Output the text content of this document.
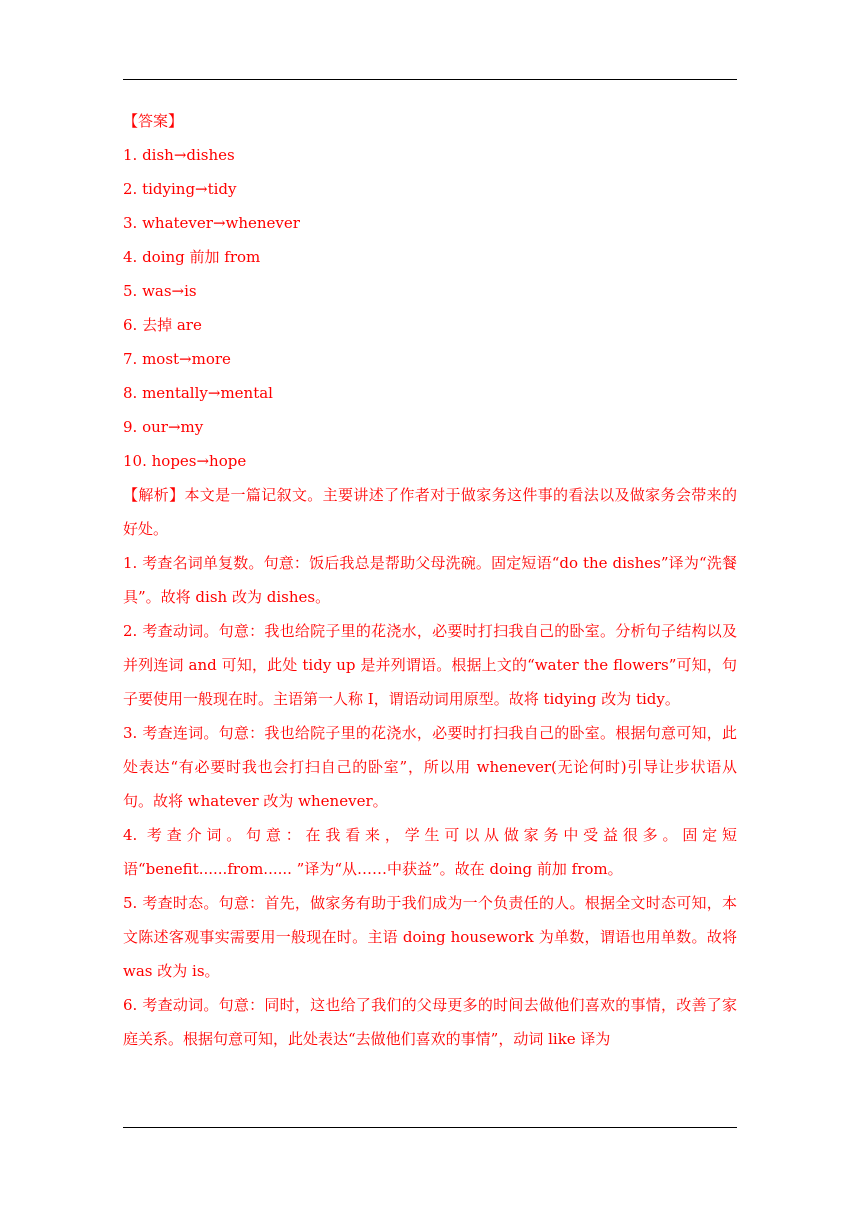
【答案】
1. dish→dishes
2. tidying→tidy
3. whatever→whenever
4. doing 前加 from
5. was→is
6. 去掉 are
7. most→more
8. mentally→mental
9. our→my
10. hopes→hope
【解析】本文是一篇记叙文。主要讲述了作者对于做家务这件事的看法以及做家务会带来的好处。
1. 考查名词单复数。句意：饭后我总是帮助父母洗碗。固定短语“do the dishes”译为“洗餐具”。故将 dish 改为 dishes。
2. 考查动词。句意：我也给院子里的花浇水，必要时打扫我自己的卧室。分析句子结构以及并列连词 and 可知，此处 tidy up 是并列谓语。根据上文的“water the flowers”可知，句子要使用一般现在时。主语第一人称 I，谓语动词用原型。故将 tidying 改为 tidy。
3. 考查连词。句意：我也给院子里的花浇水，必要时打扫我自己的卧室。根据句意可知，此处表达“有必要时我也会打扫自己的卧室”，所以用 whenever(无论何时)引导让步状语从句。故将 whatever 改为 whenever。
4. 考查介词。句意：在我看来，学生可以从做家务中受益很多。固定短语“benefit......from...... ”译为“从……中获益”。故在 doing 前加 from。
5. 考查时态。句意：首先，做家务有助于我们成为一个负责任的人。根据全文时态可知，本文陈述客观事实需要用一般现在时。主语 doing housework 为单数，谓语也用单数。故将 was 改为 is。
6. 考查动词。句意：同时，这也给了我们的父母更多的时间去做他们喜欢的事情，改善了家庭关系。根据句意可知，此处表达“去做他们喜欢的事情”，动词 like 译为
